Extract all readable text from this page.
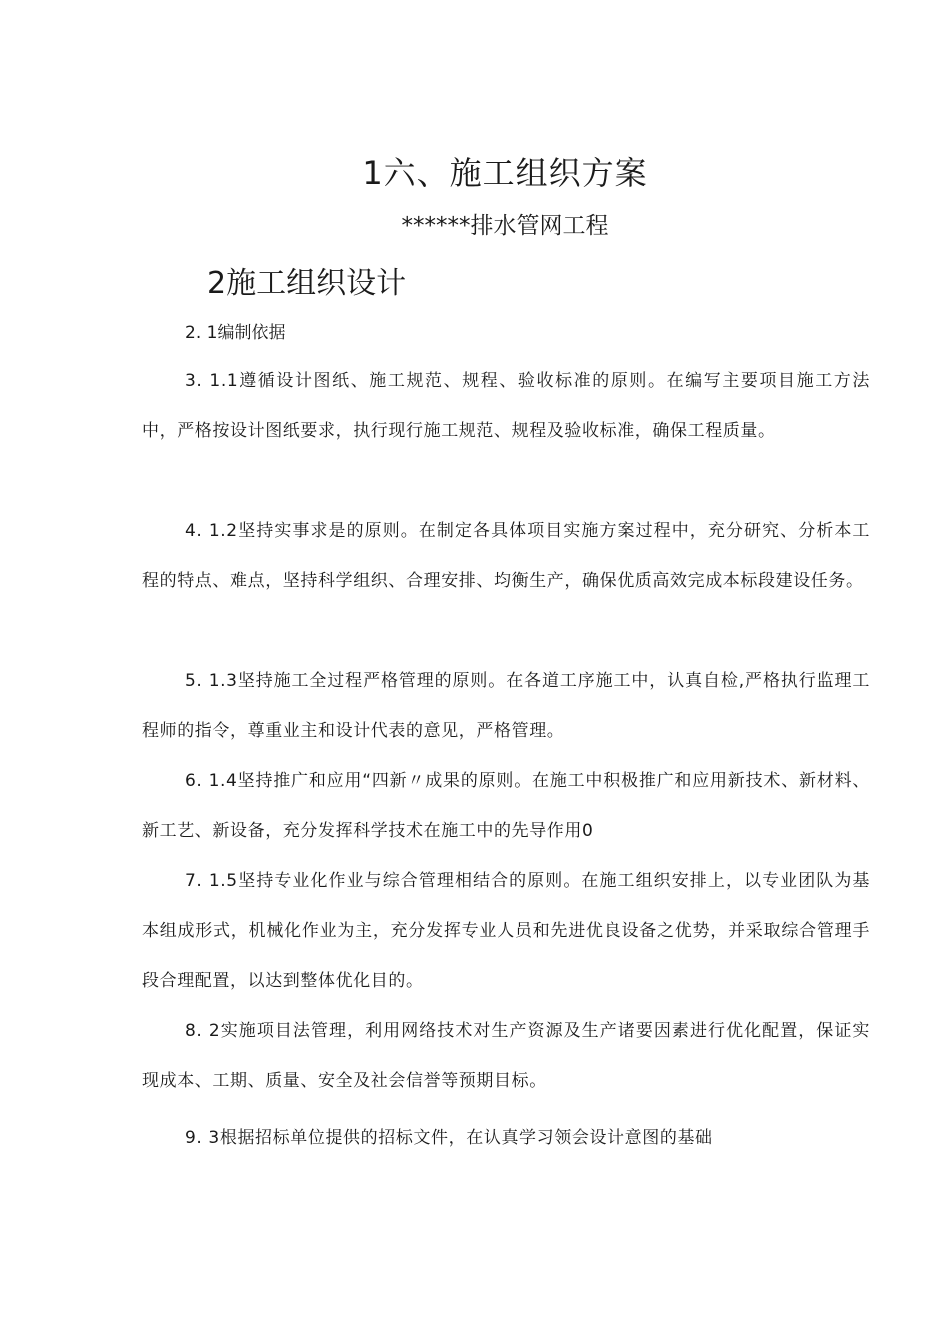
1六、施工组织方案
******排水管网工程
2施工组织设计
2. 1编制依据

3. 1.1遵循设计图纸、施工规范、规程、验收标准的原则。在编写主要项目施工方法中，严格按设计图纸要求，执行现行施工规范、规程及验收标准，确保工程质量。

4. 1.2坚持实事求是的原则。在制定各具体项目实施方案过程中，充分研究、分析本工程的特点、难点，坚持科学组织、合理安排、均衡生产，确保优质高效完成本标段建设任务。

5. 1.3坚持施工全过程严格管理的原则。在各道工序施工中，认真自检,严格执行监理工程师的指令，尊重业主和设计代表的意见，严格管理。

6. 1.4坚持推广和应用“四新〃成果的原则。在施工中积极推广和应用新技术、新材料、新工艺、新设备，充分发挥科学技术在施工中的先导作用0

7. 1.5坚持专业化作业与综合管理相结合的原则。在施工组织安排上，以专业团队为基本组成形式，机械化作业为主，充分发挥专业人员和先进优良设备之优势，并采取综合管理手段合理配置，以达到整体优化目的。

8. 2实施项目法管理，利用网络技术对生产资源及生产诸要因素进行优化配置，保证实现成本、工期、质量、安全及社会信誉等预期目标。

9. 3根据招标单位提供的招标文件，在认真学习领会设计意图的基础
